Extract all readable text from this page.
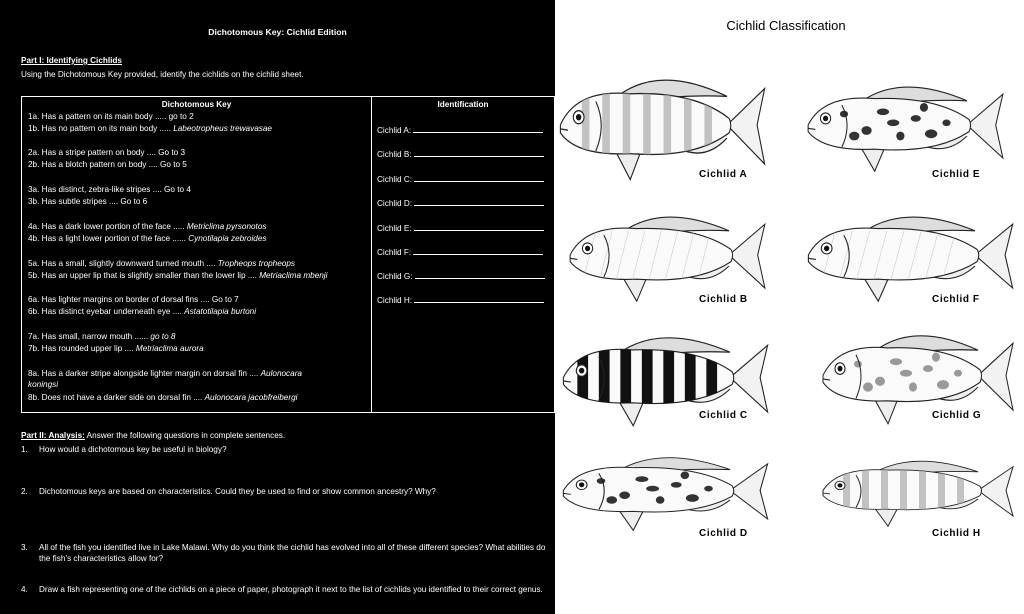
Dichotomous Key: Cichlid Edition
Part I: Identifying Cichlids
Using the Dichotomous Key provided, identify the cichlids on the cichlid sheet.
Dichotomous Key	Identification
1a. Has a pattern on its main body ..... go to 2
1b. Has no pattern on its main body ..... Labeotropheus trewavasae
2a. Has a stripe pattern on body .... Go to 3
2b. Has a blotch pattern on body .... Go to 5
3a. Has distinct, zebra-like stripes .... Go to 4
3b. Has subtle stripes .... Go to 6
4a. Has a dark lower portion of the face ..... Metriclima pyrsonotos
4b. Has a light lower portion of the face ...... Cynotilapia zebroides
5a. Has a small, slightly downward turned mouth .... Tropheops tropheops
5b. Has an upper lip that is slightly smaller than the lower lip .... Metriaclima mbenji
6a. Has lighter margins on border of dorsal fins .... Go to 7
6b. Has distinct eyebar underneath eye .... Astatotilapia burtoni
7a. Has small, narrow mouth ...... go to 8
7b. Has rounded upper lip .... Metriaclima aurora
8a. Has a darker stripe alongside lighter margin on dorsal fin .... Aulonocara
koningsi
8b. Does not have a darker side on dorsal fin .... Aulonocara jacobfreibergi
Cichlid A:
Cichlid B:
Cichlid C:
Cichlid D:
Cichlid E:
Cichlid F:
Cichlid G:
Cichlid H:
Part II: Analysis: Answer the following questions in complete sentences.
1. How would a dichotomous key be useful in biology?
2. Dichotomous keys are based on characteristics. Could they be used to find or show common ancestry? Why?
3. All of the fish you identified live in Lake Malawi. Why do you think the cichlid has evolved into all of these different species? What abilities do the fish’s characteristics allow for?
4. Draw a fish representing one of the cichlids on a piece of paper, photograph it next to the list of cichlids you identified to their correct genus.
Cichlid Classification
Cichlid A	Cichlid E
Cichlid B	Cichlid F
Cichlid C	Cichlid G
Cichlid D	Cichlid H
